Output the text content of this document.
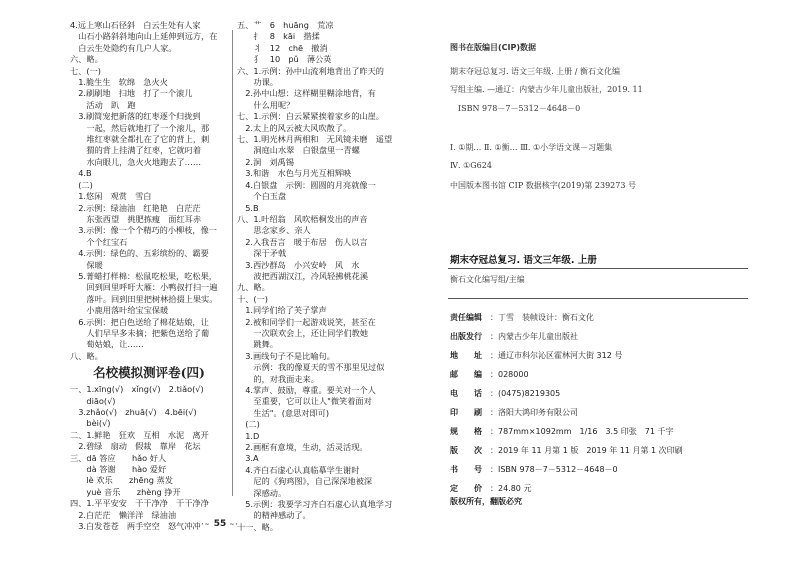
4.远上寒山石径斜　白云生处有人家
　山石小路斜斜地向山上延伸到远方，在
　白云生处隐约有几户人家。
六、略。
七、(一)
　1.脆生生　软绵　急火火
　2.刷刷地　扫地　打了一个滚儿
　　活动　趴　跑
　3.刷简宠把新落的红枣逐个归拢到
　　一起，然后就地打了一个滚儿，那
　　堆红枣就全都扎在了它的背上，刺
　　猬的背上挂满了红枣，它就叼着
　　水向眼儿，急火火地跑去了……
　4.B
　(二)
　1.悠闲　观赏　雪白
　2.示例：绿油油　红艳艳　白茫茫
　　东张西望　挑肥拣瘦　面红耳赤
　3.示例：像一个个精巧的小柳枝，像一
　　个个红宝石
　4.示例：绿色的、五彩缤纷的、霸要
　　保暖
　5.菁蜡打样棉：松鼠吃松果，吃松果，
　　回到回里呼吁大雁：小鸭叔打扫一遍
　　落叶。回到田里把树林拾掇上果实。
　　小鹿用落叶给宝宝保暖
　6.示例：把白色送给了棉花姑娘，让
　　人们早早多未摘；把紫色送给了葡
　　萄姑娘，让……
八、略。
名校模拟测评卷(四)
一、1.xīng(√)　xǐng(√)　2.tiǎo(√)
　　diāo(√)
　3.zhǎo(√)　zhuā(√)　4.bēi(√)
　　bèi(√)
二、1.鲜艳　狂欢　互相　水泥　离开
　2.碧绿　扇动　假裁　靠岸　花坛
三、dā 答应　　hǎo 好人
　　dà 答谢　　hào 爱好
　　lè 欢乐　　zhēng 蒸发
　　yuè 音乐　　zhèng 挣开
四、1.平平安安　干干净净　干干净净
　2.白茫茫　懒洋洋　绿油油
　3.白发苍苍　两手空空　怒气冲冲
五、艹　6　huāng　荒凉
　　扌　8　kāi　揩揉
　　丬　12　chē　撤消
　　犭　10　pǔ　薄公英
六、1.示例：孙中山流利地背出了昨天的
　　功课。
　2.孙中山想：这样糊里糊涂地背，有
　　什么用呢？
七、1.示例：白云紧紧挨着家乡的山崖。
　2.太上的风云被大风吹散了。
七、1.明光林月两相和　无风镜未磨　遥望
　　洞庭山水翠　白银盘里一青螺
　2.洞　刘禹锡
　3.和谐　水色与月光互相辉映
　4.白银盘　示例：圆圆的月亮就像一
　　个白玉盘
　5.B
八、1.叶绍翁　风吹梧桐发出的声音
　　思念家乡、亲人
　2.入我吾言　暖于布居　伤人以言
　　深于矛戟
　3.西沙群岛　小兴安岭　风　水
　　波把西湖汉江，冷风轻拂桃花溪
九、略。
十、(一)
　1.同学们给了芙子掌声
　2.被和同学们一起游戏说笑，甚至在
　　一次联欢会上，还让同学们教她
　　跳舞。
　3.画线句子不是比喻句。
　　示例：我的像夏天的雪不那里见过似
　　的，对我面走来。
　4.掌声、鼓励，尊重。要关对一个人
　　至重要，它可以让人"微笑着面对
　　生活"。(意思对即可)
　(二)
　1.D
　2.画框有意境，生动，活灵活现。
　3.A
　4.齐白石虚心认真临摹学生谢时
　　尼的《狗鸡图》，自己深深地被深
　　深感动。
　5.示例：我要学习齐白石虚心认真地学习
　　的精神感动了。
十一、略。
·~ 55 ~·
图书在版编目(CIP)数据
期末夺冠总复习. 语文三年级. 上册 / 衡石文化编
写组主编. —通辽：内蒙古少年儿童出版社，2019. 11
　ISBN 978－7－5312－4648－0
Ⅰ. ①期… Ⅱ. ①衡… Ⅲ. ①小学语文课－习题集
Ⅳ. ①G624
中国版本图书馆 CIP 数据核字(2019)第 239273 号
期末夺冠总复习. 语文三年级. 上册
衡石文化编写组/主编
责任编辑 ：丁雪　装帧设计：衡石文化
出版发行 ：内蒙古少年儿童出版社
地　　址 ：通辽市科尔沁区霍林河大街 312 号
邮　　编 ：028000
电　　话 ：(0475)8219305
印　　刷 ：洛阳大鸿印务有限公司
规　　格 ：787mm×1092mm　1/16　3.5 印张　71 千字
版　　次 ：2019 年 11 月第 1 版　2019 年 11 月第 1 次印刷
书　　号 ：ISBN 978－7－5312－4648－0
定　　价 ：24.80 元
版权所有，翻版必究
